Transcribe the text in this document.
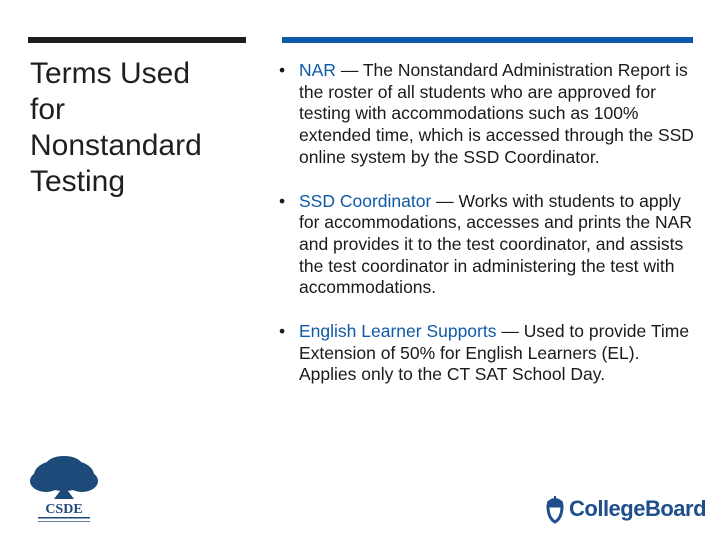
Terms Used
for
Nonstandard
Testing
• NAR — The Nonstandard Administration Report is the roster of all students who are approved for testing with accommodations such as 100% extended time, which is accessed through the SSD online system by the SSD Coordinator.
• SSD Coordinator — Works with students to apply for accommodations, accesses and prints the NAR and provides it to the test coordinator, and assists the test coordinator in administering the test with accommodations.
• English Learner Supports — Used to provide Time Extension of 50% for English Learners (EL). Applies only to the CT SAT School Day.
CSDE	CollegeBoard
